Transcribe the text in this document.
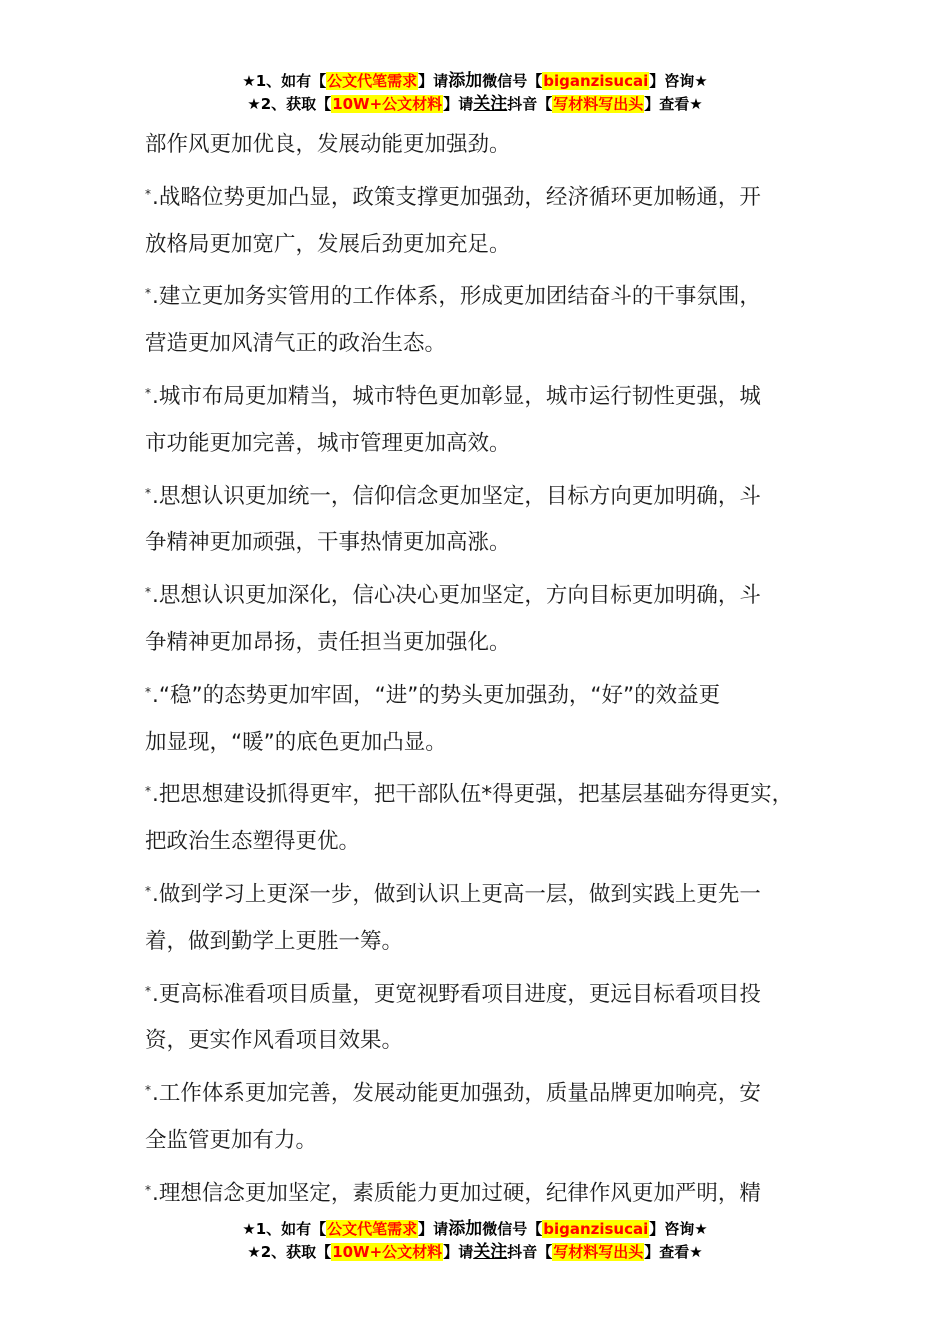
★1、如有【公文代笔需求】请添加微信号【biganzisucai】咨询★
★2、获取【10W+公文材料】请关注抖音【写材料写出头】查看★
部作风更加优良，发展动能更加强劲。
*.战略位势更加凸显，政策支撑更加强劲，经济循环更加畅通，开
放格局更加宽广，发展后劲更加充足。
*.建立更加务实管用的工作体系，形成更加团结奋斗的干事氛围，
营造更加风清气正的政治生态。
*.城市布局更加精当，城市特色更加彰显，城市运行韧性更强，城
市功能更加完善，城市管理更加高效。
*.思想认识更加统一，信仰信念更加坚定，目标方向更加明确，斗
争精神更加顽强，干事热情更加高涨。
*.思想认识更加深化，信心决心更加坚定，方向目标更加明确，斗
争精神更加昂扬，责任担当更加强化。
*.“稳”的态势更加牢固，“进”的势头更加强劲，“好”的效益更
加显现，“暖”的底色更加凸显。
*.把思想建设抓得更牢，把干部队伍*得更强，把基层基础夯得更实，
把政治生态塑得更优。
*.做到学习上更深一步，做到认识上更高一层，做到实践上更先一
着，做到勤学上更胜一筹。
*.更高标准看项目质量，更宽视野看项目进度，更远目标看项目投
资，更实作风看项目效果。
*.工作体系更加完善，发展动能更加强劲，质量品牌更加响亮，安
全监管更加有力。
*.理想信念更加坚定，素质能力更加过硬，纪律作风更加严明，精
★1、如有【公文代笔需求】请添加微信号【biganzisucai】咨询★
★2、获取【10W+公文材料】请关注抖音【写材料写出头】查看★
